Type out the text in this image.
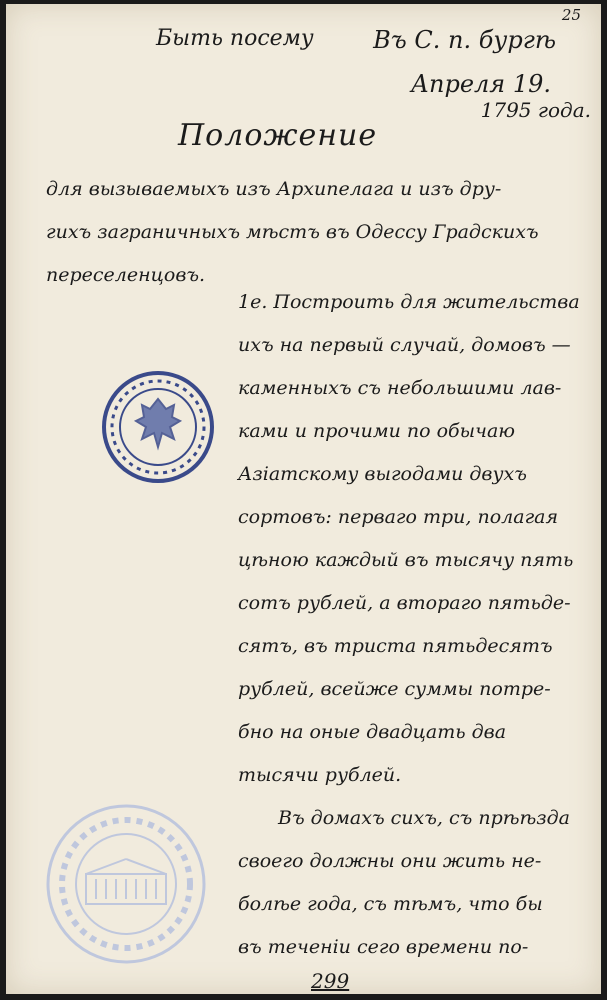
25
Быть посему Въ С. п. бургѣ
Апреля 19.
1795 года.
Положение
для вызываемыхъ изъ Архипелага и изъ дру-
гихъ заграничныхъ мѣстъ въ Одессу Градскихъ
переселенцовъ.
1е. Построить для жительства
ихъ на первый случай, домовъ —
каменныхъ съ небольшими лав-
ками и прочими по обычаю
Азіатскому выгодами двухъ
сортовъ: перваго три, полагая
цѣною каждый въ тысячу пять
сотъ рублей, а втораго пятьде-
сятъ, въ триста пятьдесятъ
рублей, всейже суммы потре-
бно на оные двадцать два
тысячи рублей.
Въ домахъ сихъ, съ прѣѣзда
своего должны они жить не-
болѣе года, съ тѣмъ, что бы
въ теченіи сего времени по-
299
